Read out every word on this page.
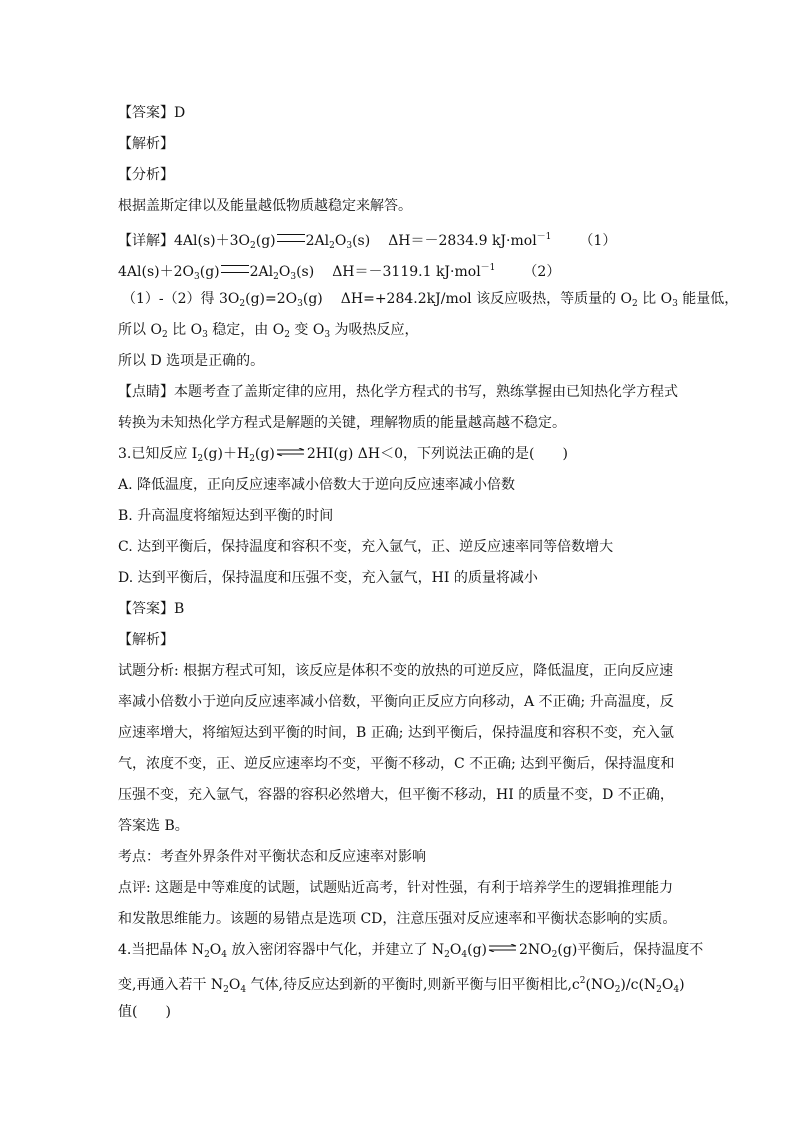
【答案】D
【解析】
【分析】
根据盖斯定律以及能量越低物质越稳定来解答。
【详解】$4Al(s)+3O_2(g)$ $2Al_2O_3(s)$ ΔH＝－2834.9 kJ·mol$^{-1}$ （1）
$4Al(s)+2O_3(g)$ $2Al_2O_3(s)$ ΔH＝－3119.1 kJ·mol$^{-1}$ （2）
（1）-（2）得 $3O_2(g)=2O_3(g)$ ΔH=+284.2kJ/mol 该反应吸热，等质量的 $O_2$ 比 $O_3$ 能量低，
所以 $O_2$ 比 $O_3$ 稳定，由 $O_2$ 变 $O_3$ 为吸热反应，
所以 D 选项是正确的。
【点睛】本题考查了盖斯定律的应用，热化学方程式的书写，熟练掌握由已知热化学方程式
转换为未知热化学方程式是解题的关键，理解物质的能量越高越不稳定。
3.已知反应 $I_2(g)+H_2(g)\rightleftharpoons 2HI(g)$ ΔH＜0，下列说法正确的是(　　)
A. 降低温度，正向反应速率减小倍数大于逆向反应速率减小倍数
B. 升高温度将缩短达到平衡的时间
C. 达到平衡后，保持温度和容积不变，充入氩气，正、逆反应速率同等倍数增大
D. 达到平衡后，保持温度和压强不变，充入氩气，HI 的质量将减小
【答案】B
【解析】
试题分析: 根据方程式可知，该反应是体积不变的放热的可逆反应，降低温度，正向反应速
率减小倍数小于逆向反应速率减小倍数，平衡向正反应方向移动，A 不正确; 升高温度，反
应速率增大，将缩短达到平衡的时间，B 正确; 达到平衡后，保持温度和容积不变，充入氩
气，浓度不变，正、逆反应速率均不变，平衡不移动，C 不正确; 达到平衡后，保持温度和
压强不变，充入氩气，容器的容积必然增大，但平衡不移动，HI 的质量不变，D 不正确，
答案选 B。
考点：考查外界条件对平衡状态和反应速率对影响
点评: 这题是中等难度的试题，试题贴近高考，针对性强，有利于培养学生的逻辑推理能力
和发散思维能力。该题的易错点是选项 CD，注意压强对反应速率和平衡状态影响的实质。
4.当把晶体 $N_2O_4$ 放入密闭容器中气化，并建立了 $N_2O_4(g)\rightleftharpoons 2NO_2(g)$平衡后，保持温度不
变,再通入若干 $N_2O_4$ 气体,待反应达到新的平衡时,则新平衡与旧平衡相比$,c^2(NO_2)/c(N_2O_4)$
值(　　)
